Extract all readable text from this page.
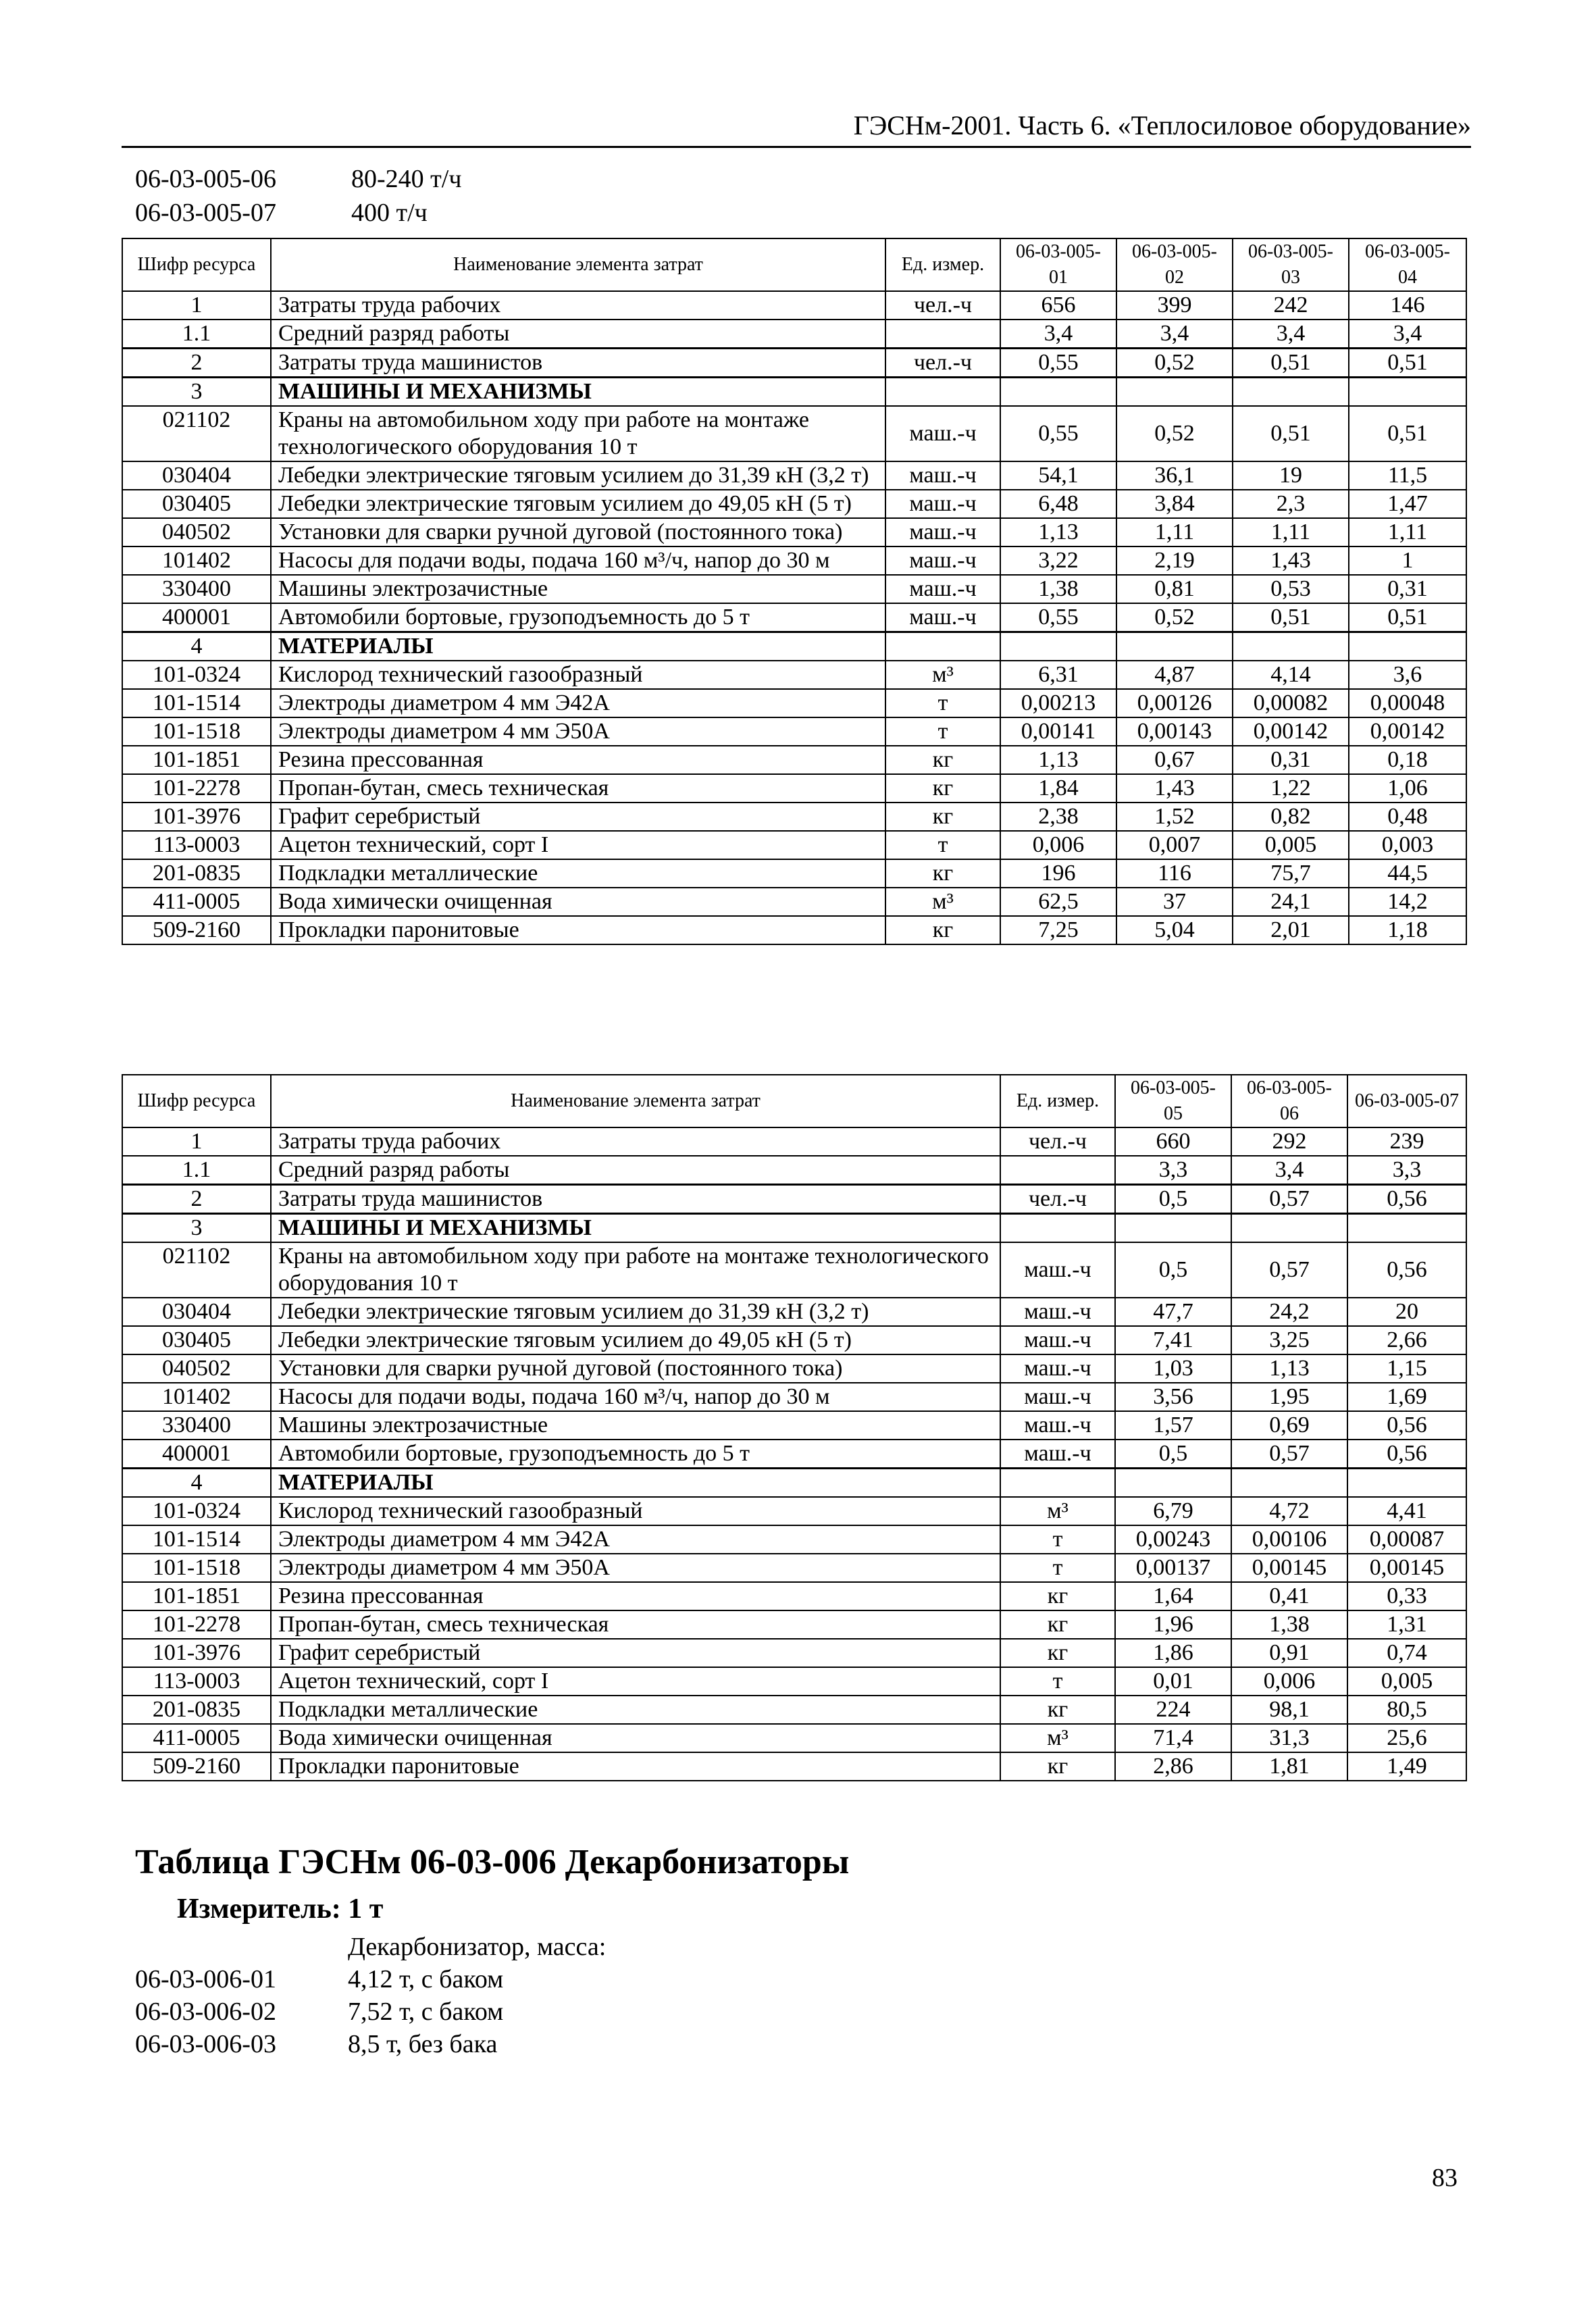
ГЭСНм-2001. Часть 6. «Теплосиловое оборудование»
06-03-005-06	80-240 т/ч
06-03-005-07	400 т/ч
Шифр ресурса	Наименование элемента затрат	Ед. измер.	06-03-005-01	06-03-005-02	06-03-005-03	06-03-005-04
1	Затраты труда рабочих	чел.-ч	656	399	242	146
1.1	Средний разряд работы		3,4	3,4	3,4	3,4
2	Затраты труда машинистов	чел.-ч	0,55	0,52	0,51	0,51
3	МАШИНЫ И МЕХАНИЗМЫ					
021102	Краны на автомобильном ходу при работе на монтаже технологического оборудования 10 т	маш.-ч	0,55	0,52	0,51	0,51
030404	Лебедки электрические тяговым усилием до 31,39 кН (3,2 т)	маш.-ч	54,1	36,1	19	11,5
030405	Лебедки электрические тяговым усилием до 49,05 кН (5 т)	маш.-ч	6,48	3,84	2,3	1,47
040502	Установки для сварки ручной дуговой (постоянного тока)	маш.-ч	1,13	1,11	1,11	1,11
101402	Насосы для подачи воды, подача 160 м³/ч, напор до 30 м	маш.-ч	3,22	2,19	1,43	1
330400	Машины электрозачистные	маш.-ч	1,38	0,81	0,53	0,31
400001	Автомобили бортовые, грузоподъемность до 5 т	маш.-ч	0,55	0,52	0,51	0,51
4	МАТЕРИАЛЫ					
101-0324	Кислород технический газообразный	м³	6,31	4,87	4,14	3,6
101-1514	Электроды диаметром 4 мм Э42А	т	0,00213	0,00126	0,00082	0,00048
101-1518	Электроды диаметром 4 мм Э50А	т	0,00141	0,00143	0,00142	0,00142
101-1851	Резина прессованная	кг	1,13	0,67	0,31	0,18
101-2278	Пропан-бутан, смесь техническая	кг	1,84	1,43	1,22	1,06
101-3976	Графит серебристый	кг	2,38	1,52	0,82	0,48
113-0003	Ацетон технический, сорт I	т	0,006	0,007	0,005	0,003
201-0835	Подкладки металлические	кг	196	116	75,7	44,5
411-0005	Вода химически очищенная	м³	62,5	37	24,1	14,2
509-2160	Прокладки паронитовые	кг	7,25	5,04	2,01	1,18
Шифр ресурса	Наименование элемента затрат	Ед. измер.	06-03-005-05	06-03-005-06	06-03-005-07
1	Затраты труда рабочих	чел.-ч	660	292	239
1.1	Средний разряд работы		3,3	3,4	3,3
2	Затраты труда машинистов	чел.-ч	0,5	0,57	0,56
3	МАШИНЫ И МЕХАНИЗМЫ				
021102	Краны на автомобильном ходу при работе на монтаже технологического оборудования 10 т	маш.-ч	0,5	0,57	0,56
030404	Лебедки электрические тяговым усилием до 31,39 кН (3,2 т)	маш.-ч	47,7	24,2	20
030405	Лебедки электрические тяговым усилием до 49,05 кН (5 т)	маш.-ч	7,41	3,25	2,66
040502	Установки для сварки ручной дуговой (постоянного тока)	маш.-ч	1,03	1,13	1,15
101402	Насосы для подачи воды, подача 160 м³/ч, напор до 30 м	маш.-ч	3,56	1,95	1,69
330400	Машины электрозачистные	маш.-ч	1,57	0,69	0,56
400001	Автомобили бортовые, грузоподъемность до 5 т	маш.-ч	0,5	0,57	0,56
4	МАТЕРИАЛЫ				
101-0324	Кислород технический газообразный	м³	6,79	4,72	4,41
101-1514	Электроды диаметром 4 мм Э42А	т	0,00243	0,00106	0,00087
101-1518	Электроды диаметром 4 мм Э50А	т	0,00137	0,00145	0,00145
101-1851	Резина прессованная	кг	1,64	0,41	0,33
101-2278	Пропан-бутан, смесь техническая	кг	1,96	1,38	1,31
101-3976	Графит серебристый	кг	1,86	0,91	0,74
113-0003	Ацетон технический, сорт I	т	0,01	0,006	0,005
201-0835	Подкладки металлические	кг	224	98,1	80,5
411-0005	Вода химически очищенная	м³	71,4	31,3	25,6
509-2160	Прокладки паронитовые	кг	2,86	1,81	1,49
Таблица ГЭСНм 06-03-006 Декарбонизаторы
Измеритель: 1 т
Декарбонизатор, масса:
06-03-006-01	4,12 т, с баком
06-03-006-02	7,52 т, с баком
06-03-006-03	8,5 т, без бака
83
